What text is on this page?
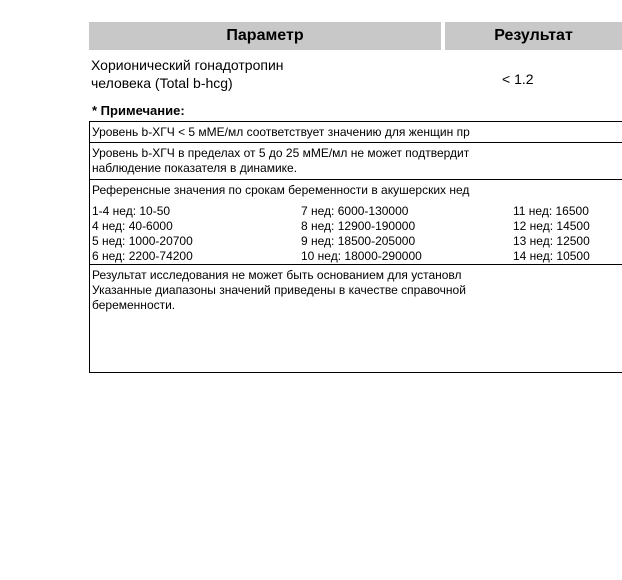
Параметр	Результат
Хорионический гонадотропин
человека (Total b-hcg)	< 1.2
* Примечание:
Уровень b-ХГЧ < 5 мМЕ/мл соответствует значению для женщин пр
Уровень b-ХГЧ в пределах от 5 до 25 мМЕ/мл не может подтвердит
наблюдение показателя в динамике.
Референсные значения по срокам беременности в акушерских нед
1-4 нед: 10-50
4 нед: 40-6000
5 нед: 1000-20700
6 нед: 2200-74200
7 нед: 6000-130000
8 нед: 12900-190000
9 нед: 18500-205000
10 нед: 18000-290000
11 нед: 16500
12 нед: 14500
13 нед: 12500
14 нед: 10500
Результат исследования не может быть основанием для установл
Указанные диапазоны значений приведены в качестве справочной
беременности.
